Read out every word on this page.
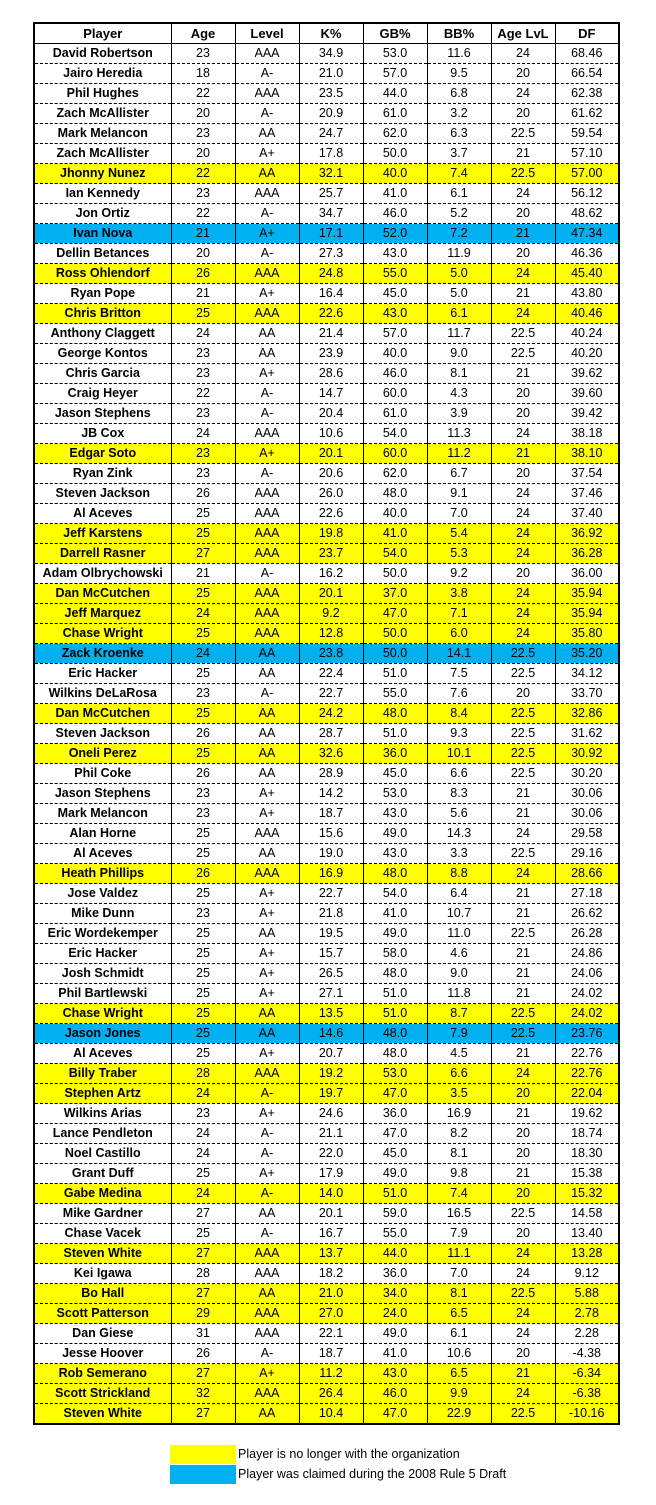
Player	Age	Level	K%	GB%	BB%	Age LvL	DF
David Robertson	23	AAA	34.9	53.0	11.6	24	68.46
Jairo Heredia	18	A-	21.0	57.0	9.5	20	66.54
Phil Hughes	22	AAA	23.5	44.0	6.8	24	62.38
Zach McAllister	20	A-	20.9	61.0	3.2	20	61.62
Mark Melancon	23	AA	24.7	62.0	6.3	22.5	59.54
Zach McAllister	20	A+	17.8	50.0	3.7	21	57.10
Jhonny Nunez	22	AA	32.1	40.0	7.4	22.5	57.00
Ian Kennedy	23	AAA	25.7	41.0	6.1	24	56.12
Jon Ortiz	22	A-	34.7	46.0	5.2	20	48.62
Ivan Nova	21	A+	17.1	52.0	7.2	21	47.34
Dellin Betances	20	A-	27.3	43.0	11.9	20	46.36
Ross Ohlendorf	26	AAA	24.8	55.0	5.0	24	45.40
Ryan Pope	21	A+	16.4	45.0	5.0	21	43.80
Chris Britton	25	AAA	22.6	43.0	6.1	24	40.46
Anthony Claggett	24	AA	21.4	57.0	11.7	22.5	40.24
George Kontos	23	AA	23.9	40.0	9.0	22.5	40.20
Chris Garcia	23	A+	28.6	46.0	8.1	21	39.62
Craig Heyer	22	A-	14.7	60.0	4.3	20	39.60
Jason Stephens	23	A-	20.4	61.0	3.9	20	39.42
JB Cox	24	AAA	10.6	54.0	11.3	24	38.18
Edgar Soto	23	A+	20.1	60.0	11.2	21	38.10
Ryan Zink	23	A-	20.6	62.0	6.7	20	37.54
Steven Jackson	26	AAA	26.0	48.0	9.1	24	37.46
Al Aceves	25	AAA	22.6	40.0	7.0	24	37.40
Jeff Karstens	25	AAA	19.8	41.0	5.4	24	36.92
Darrell Rasner	27	AAA	23.7	54.0	5.3	24	36.28
Adam Olbrychowski	21	A-	16.2	50.0	9.2	20	36.00
Dan McCutchen	25	AAA	20.1	37.0	3.8	24	35.94
Jeff Marquez	24	AAA	9.2	47.0	7.1	24	35.94
Chase Wright	25	AAA	12.8	50.0	6.0	24	35.80
Zack Kroenke	24	AA	23.8	50.0	14.1	22.5	35.20
Eric Hacker	25	AA	22.4	51.0	7.5	22.5	34.12
Wilkins DeLaRosa	23	A-	22.7	55.0	7.6	20	33.70
Dan McCutchen	25	AA	24.2	48.0	8.4	22.5	32.86
Steven Jackson	26	AA	28.7	51.0	9.3	22.5	31.62
Oneli Perez	25	AA	32.6	36.0	10.1	22.5	30.92
Phil Coke	26	AA	28.9	45.0	6.6	22.5	30.20
Jason Stephens	23	A+	14.2	53.0	8.3	21	30.06
Mark Melancon	23	A+	18.7	43.0	5.6	21	30.06
Alan Horne	25	AAA	15.6	49.0	14.3	24	29.58
Al Aceves	25	AA	19.0	43.0	3.3	22.5	29.16
Heath Phillips	26	AAA	16.9	48.0	8.8	24	28.66
Jose Valdez	25	A+	22.7	54.0	6.4	21	27.18
Mike Dunn	23	A+	21.8	41.0	10.7	21	26.62
Eric Wordekemper	25	AA	19.5	49.0	11.0	22.5	26.28
Eric Hacker	25	A+	15.7	58.0	4.6	21	24.86
Josh Schmidt	25	A+	26.5	48.0	9.0	21	24.06
Phil Bartlewski	25	A+	27.1	51.0	11.8	21	24.02
Chase Wright	25	AA	13.5	51.0	8.7	22.5	24.02
Jason Jones	25	AA	14.6	48.0	7.9	22.5	23.76
Al Aceves	25	A+	20.7	48.0	4.5	21	22.76
Billy Traber	28	AAA	19.2	53.0	6.6	24	22.76
Stephen Artz	24	A-	19.7	47.0	3.5	20	22.04
Wilkins Arias	23	A+	24.6	36.0	16.9	21	19.62
Lance Pendleton	24	A-	21.1	47.0	8.2	20	18.74
Noel Castillo	24	A-	22.0	45.0	8.1	20	18.30
Grant Duff	25	A+	17.9	49.0	9.8	21	15.38
Gabe Medina	24	A-	14.0	51.0	7.4	20	15.32
Mike Gardner	27	AA	20.1	59.0	16.5	22.5	14.58
Chase Vacek	25	A-	16.7	55.0	7.9	20	13.40
Steven White	27	AAA	13.7	44.0	11.1	24	13.28
Kei Igawa	28	AAA	18.2	36.0	7.0	24	9.12
Bo Hall	27	AA	21.0	34.0	8.1	22.5	5.88
Scott Patterson	29	AAA	27.0	24.0	6.5	24	2.78
Dan Giese	31	AAA	22.1	49.0	6.1	24	2.28
Jesse Hoover	26	A-	18.7	41.0	10.6	20	-4.38
Rob Semerano	27	A+	11.2	43.0	6.5	21	-6.34
Scott Strickland	32	AAA	26.4	46.0	9.9	24	-6.38
Steven White	27	AA	10.4	47.0	22.9	22.5	-10.16
Player is no longer with the organization
Player was claimed during the 2008 Rule 5 Draft
